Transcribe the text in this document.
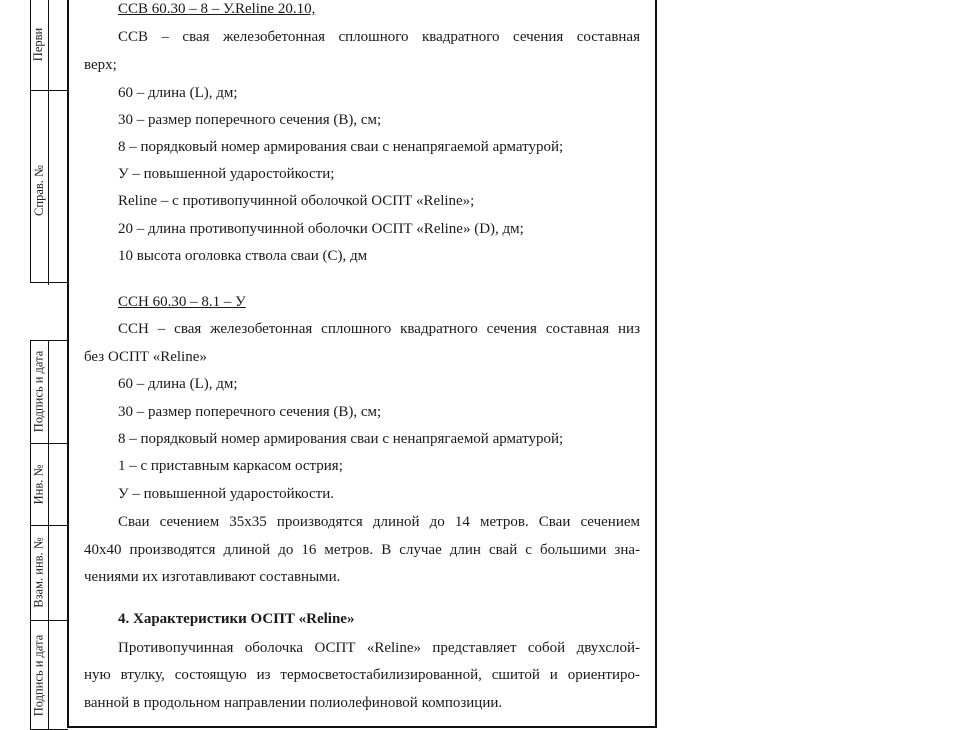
Перви
Справ. №
Подпись и дата
Инв. №
Взам. инв. №
Подпись и дата
ССВ 60.30 – 8 – У.Reline 20.10,
ССВ – свая железобетонная сплошного квадратного сечения составная
верх;
60 – длина (L), дм;
30 – размер поперечного сечения (В), см;
8 – порядковый номер армирования сваи с ненапрягаемой арматурой;
У – повышенной ударостойкости;
Reline – с противопучинной оболочкой ОСПТ «Reline»;
20 – длина противопучинной оболочки ОСПТ «Reline» (D), дм;
10 высота оголовка ствола сваи (С), дм
ССН 60.30 – 8.1 – У
ССН – свая железобетонная сплошного квадратного сечения составная низ
без ОСПТ «Reline»
60 – длина (L), дм;
30 – размер поперечного сечения (В), см;
8 – порядковый номер армирования сваи с ненапрягаемой арматурой;
1 – с приставным каркасом острия;
У – повышенной ударостойкости.
Сваи сечением 35х35 производятся длиной до 14 метров. Сваи сечением
40х40 производятся длиной до 16 метров. В случае длин свай с большими зна-
чениями их изготавливают составными.
4. Характеристики ОСПТ «Reline»
Противопучинная оболочка ОСПТ «Reline» представляет собой двухслой-
ную втулку, состоящую из термосветостабилизированной, сшитой и ориентиро-
ванной в продольном направлении полиолефиновой композиции.
